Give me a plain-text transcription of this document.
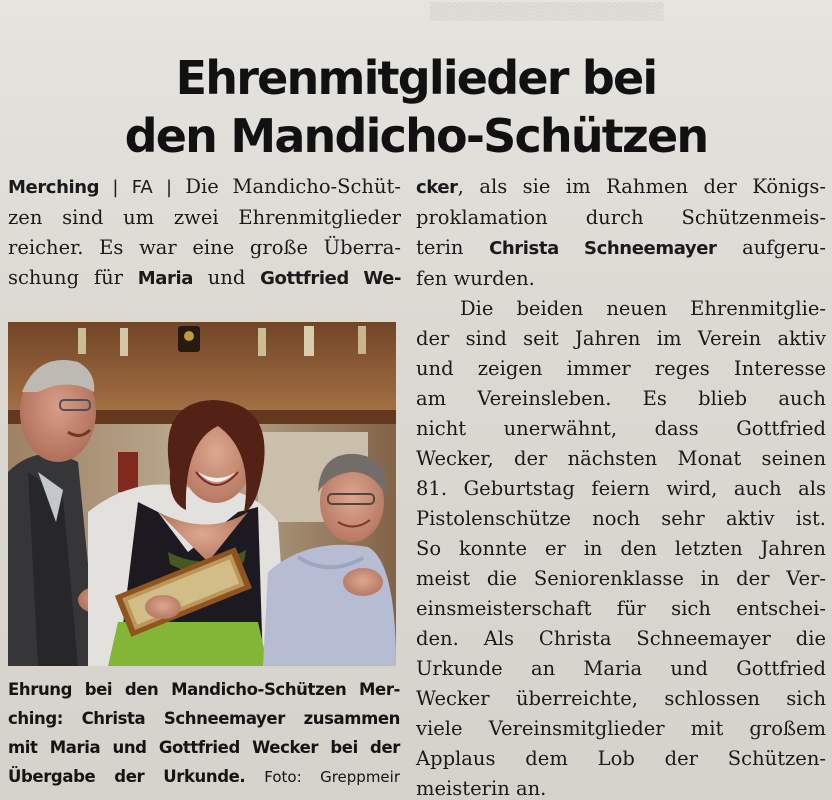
▒▒▒▒▒▒▒▒▒▒▒▒▒▒▒▒▒▒▒
Ehrenmitglieder bei
den Mandicho-Schützen
Merching | FA | Die Mandicho-Schüt-
zen sind um zwei Ehrenmitglieder
reicher. Es war eine große Überra-
schung für Maria und Gottfried We-
Ehrung bei den Mandicho-Schützen Mer-
ching: Christa Schneemayer zusammen
mit Maria und Gottfried Wecker bei der
Übergabe der Urkunde. Foto: Greppmeir
cker, als sie im Rahmen der Königs-
proklamation durch Schützenmeis-
terin Christa Schneemayer aufgeru-
fen wurden.
Die beiden neuen Ehrenmitglie-
der sind seit Jahren im Verein aktiv
und zeigen immer reges Interesse
am Vereinsleben. Es blieb auch
nicht unerwähnt, dass Gottfried
Wecker, der nächsten Monat seinen
81. Geburtstag feiern wird, auch als
Pistolenschütze noch sehr aktiv ist.
So konnte er in den letzten Jahren
meist die Seniorenklasse in der Ver-
einsmeisterschaft für sich entschei-
den. Als Christa Schneemayer die
Urkunde an Maria und Gottfried
Wecker überreichte, schlossen sich
viele Vereinsmitglieder mit großem
Applaus dem Lob der Schützen-
meisterin an.
